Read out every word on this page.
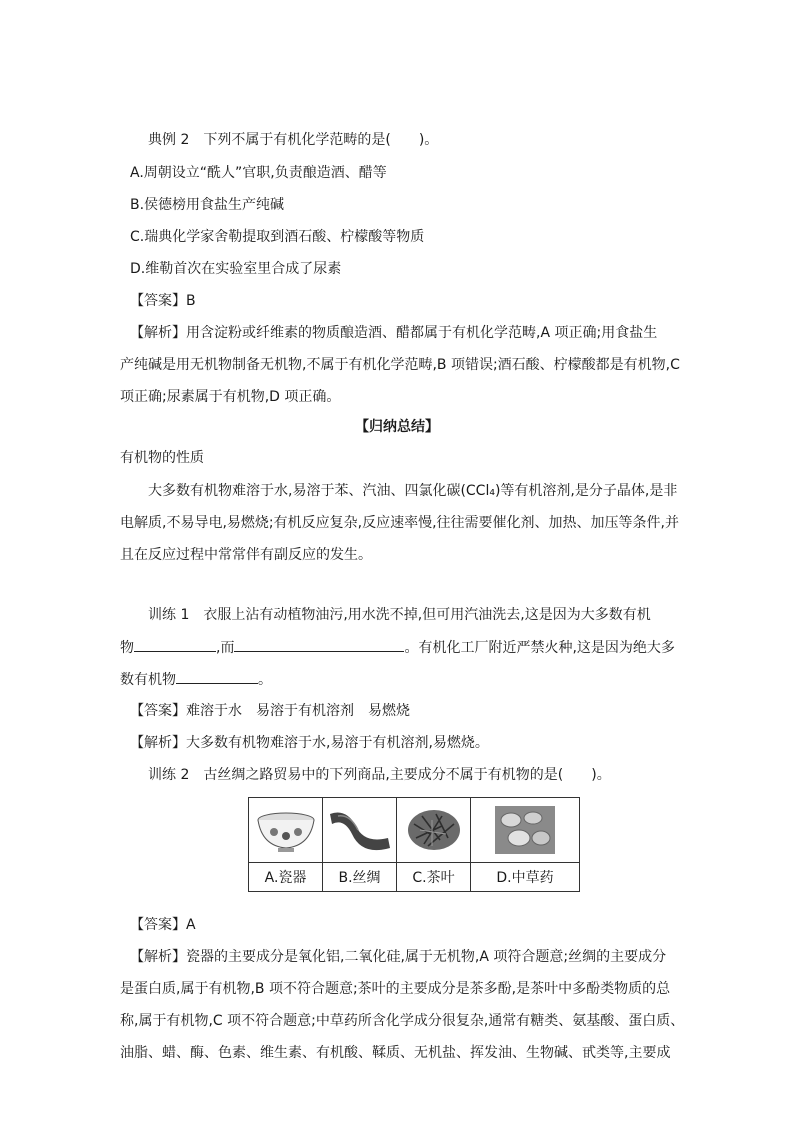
典例 2　下列不属于有机化学范畴的是(　　)。
A.周朝设立“酰人”官职,负责酿造酒、醋等
B.侯德榜用食盐生产纯碱
C.瑞典化学家舍勒提取到酒石酸、柠檬酸等物质
D.维勒首次在实验室里合成了尿素
【答案】B
【解析】用含淀粉或纤维素的物质酿造酒、醋都属于有机化学范畴,A 项正确;用食盐生
产纯碱是用无机物制备无机物,不属于有机化学范畴,B 项错误;酒石酸、柠檬酸都是有机物,C
项正确;尿素属于有机物,D 项正确。
【归纳总结】
有机物的性质
大多数有机物难溶于水,易溶于苯、汽油、四氯化碳(CCl₄)等有机溶剂,是分子晶体,是非
电解质,不易导电,易燃烧;有机反应复杂,反应速率慢,往往需要催化剂、加热、加压等条件,并
且在反应过程中常常伴有副反应的发生。
训练 1　衣服上沾有动植物油污,用水洗不掉,但可用汽油洗去,这是因为大多数有机
物	,而	。有机化工厂附近严禁火种,这是因为绝大多
数有机物	。
【答案】难溶于水　易溶于有机溶剂　易燃烧
【解析】大多数有机物难溶于水,易溶于有机溶剂,易燃烧。
训练 2　古丝绸之路贸易中的下列商品,主要成分不属于有机物的是(　　)。

A.瓷器	B.丝绸	C.茶叶	D.中草药
【答案】A
【解析】瓷器的主要成分是氧化铝,二氧化硅,属于无机物,A 项符合题意;丝绸的主要成分
是蛋白质,属于有机物,B 项不符合题意;茶叶的主要成分是茶多酚,是茶叶中多酚类物质的总
称,属于有机物,C 项不符合题意;中草药所含化学成分很复杂,通常有糖类、氨基酸、蛋白质、
油脂、蜡、酶、色素、维生素、有机酸、鞣质、无机盐、挥发油、生物碱、甙类等,主要成
